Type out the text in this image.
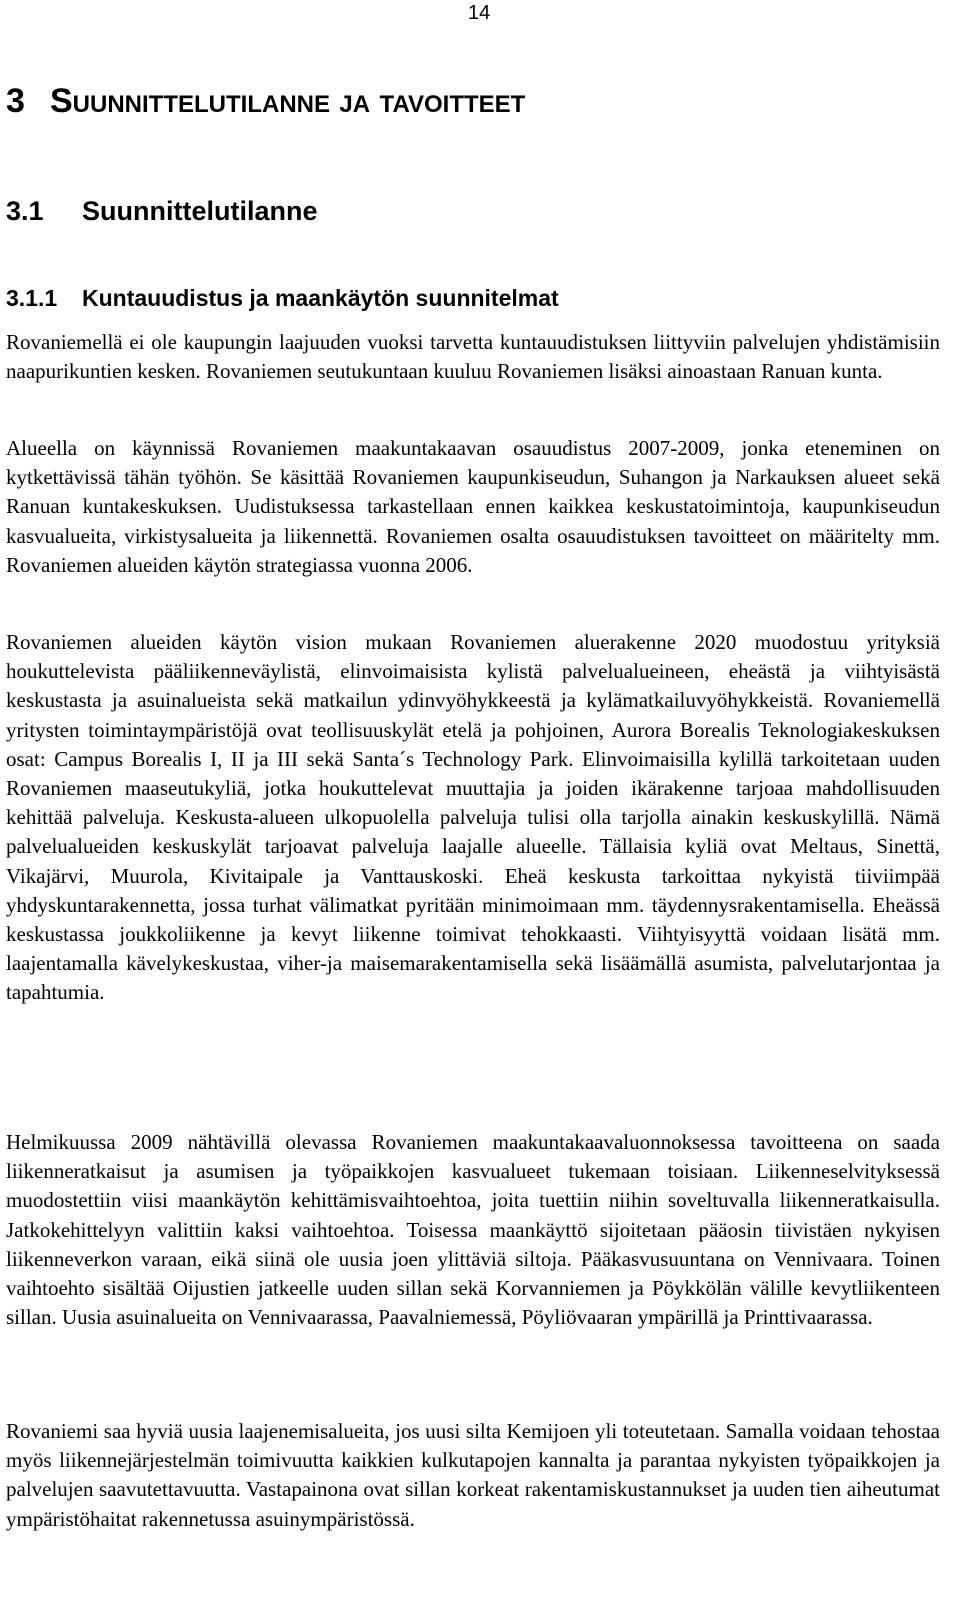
14
3 Suunnittelutilanne ja tavoitteet
3.1 Suunnittelutilanne
3.1.1 Kuntauudistus ja maankäytön suunnitelmat

Rovaniemellä ei ole kaupungin laajuuden vuoksi tarvetta kuntauudistuksen liittyviin palvelujen yhdistämisiin naapurikuntien kesken. Rovaniemen seutukuntaan kuuluu Rovaniemen lisäksi ainoastaan Ranuan kunta.

Alueella on käynnissä Rovaniemen maakuntakaavan osauudistus 2007-2009, jonka eteneminen on kytkettävissä tähän työhön. Se käsittää Rovaniemen kaupunkiseudun, Suhangon ja Narkauksen alueet sekä Ranuan kuntakeskuksen. Uudistuksessa tarkastellaan ennen kaikkea keskustatoimintoja, kaupunkiseudun kasvualueita, virkistysalueita ja liikennettä. Rovaniemen osalta osauudistuksen tavoitteet on määritelty mm. Rovaniemen alueiden käytön strategiassa vuonna 2006.

Rovaniemen alueiden käytön vision mukaan Rovaniemen aluerakenne 2020 muodostuu yrityksiä houkuttelevista pääliikenneväylistä, elinvoimaisista kylistä palvelualueineen, eheästä ja viihtyisästä keskustasta ja asuinalueista sekä matkailun ydinvyöhykkeestä ja kylämatkailuvyöhykkeistä. Rovaniemellä yritysten toimintaympäristöjä ovat teollisuuskylät etelä ja pohjoinen, Aurora Borealis Teknologiakeskuksen osat: Campus Borealis I, II ja III sekä Santa´s Technology Park. Elinvoimaisilla kylillä tarkoitetaan uuden Rovaniemen maaseutukyliä, jotka houkuttelevat muuttajia ja joiden ikärakenne tarjoaa mahdollisuuden kehittää palveluja. Keskusta-alueen ulkopuolella palveluja tulisi olla tarjolla ainakin keskuskylillä. Nämä palvelualueiden keskuskylät tarjoavat palveluja laajalle alueelle. Tällaisia kyliä ovat Meltaus, Sinettä, Vikajärvi, Muurola, Kivitaipale ja Vanttauskoski. Eheä keskusta tarkoittaa nykyistä tiiviimpää yhdyskuntarakennetta, jossa turhat välimatkat pyritään minimoimaan mm. täydennysrakentamisella. Eheässä keskustassa joukkoliikenne ja kevyt liikenne toimivat tehokkaasti. Viihtyisyyttä voidaan lisätä mm. laajentamalla kävelykeskustaa, viher-ja maisemarakentamisella sekä lisäämällä asumista, palvelutarjontaa ja tapahtumia.

Helmikuussa 2009 nähtävillä olevassa Rovaniemen maakuntakaavaluonnoksessa tavoitteena on saada liikenneratkaisut ja asumisen ja työpaikkojen kasvualueet tukemaan toisiaan. Liikenneselvityksessä muodostettiin viisi maankäytön kehittämisvaihtoehtoa, joita tuettiin niihin soveltuvalla liikenneratkaisulla. Jatkokehittelyyn valittiin kaksi vaihtoehtoa. Toisessa maankäyttö sijoitetaan pääosin tiivistäen nykyisen liikenneverkon varaan, eikä siinä ole uusia joen ylittäviä siltoja. Pääkasvusuuntana on Vennivaara. Toinen vaihtoehto sisältää Oijustien jatkeelle uuden sillan sekä Korvanniemen ja Pöykkölän välille kevytliikenteen sillan. Uusia asuinalueita on Vennivaarassa, Paavalniemessä, Pöyliövaaran ympärillä ja Printtivaarassa.

Rovaniemi saa hyviä uusia laajenemisalueita, jos uusi silta Kemijoen yli toteutetaan. Samalla voidaan tehostaa myös liikennejärjestelmän toimivuutta kaikkien kulkutapojen kannalta ja parantaa nykyisten työpaikkojen ja palvelujen saavutettavuutta. Vastapainona ovat sillan korkeat rakentamiskustannukset ja uuden tien aiheutumat ympäristöhaitat rakennetussa asuinympäristössä.
